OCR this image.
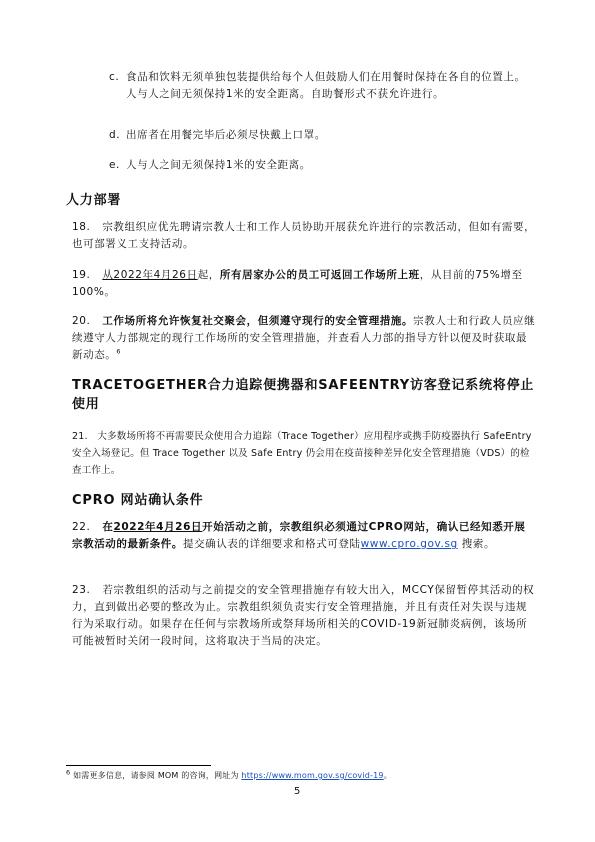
c. 食品和饮料无须单独包装提供给每个人但鼓励人们在用餐时保持在各自的位置上。人与人之间无须保持1米的安全距离。自助餐形式不获允许进行。
d. 出席者在用餐完毕后必须尽快戴上口罩。
e. 人与人之间无须保持1米的安全距离。
人力部署
18. 宗教组织应优先聘请宗教人士和工作人员协助开展获允许进行的宗教活动，但如有需要，也可部署义工支持活动。
19. 从2022年4月26日起，所有居家办公的员工可返回工作场所上班，从目前的75%增至100%。
20. 工作场所将允许恢复社交聚会，但须遵守现行的安全管理措施。宗教人士和行政人员应继续遵守人力部规定的现行工作场所的安全管理措施，并查看人力部的指导方针以便及时获取最新动态。$^6$
TRACETOGETHER合力追踪便携器和SAFEENTRY访客登记系统将停止使用
21. 大多数场所将不再需要民众使用合力追踪（Trace Together）应用程序或携手防疫器执行 SafeEntry 安全入场登记。但 Trace Together 以及 Safe Entry 仍会用在疫苗接种差异化安全管理措施（VDS）的检查工作上。
CPRO 网站确认条件
22. 在2022年4月26日开始活动之前，宗教组织必须通过CPRO网站，确认已经知悉开展宗教活动的最新条件。提交确认表的详细要求和格式可登陆www.cpro.gov.sg 搜索。
23. 若宗教组织的活动与之前提交的安全管理措施存有较大出入，MCCY保留暂停其活动的权力，直到做出必要的整改为止。宗教组织须负责实行安全管理措施，并且有责任对失误与违规行为采取行动。如果存在任何与宗教场所或祭拜场所相关的COVID-19新冠肺炎病例，该场所可能被暂时关闭一段时间，这将取决于当局的决定。
$^6$ 如需更多信息，请参阅 MOM 的咨询，网址为 https://www.mom.gov.sg/covid-19。
5
